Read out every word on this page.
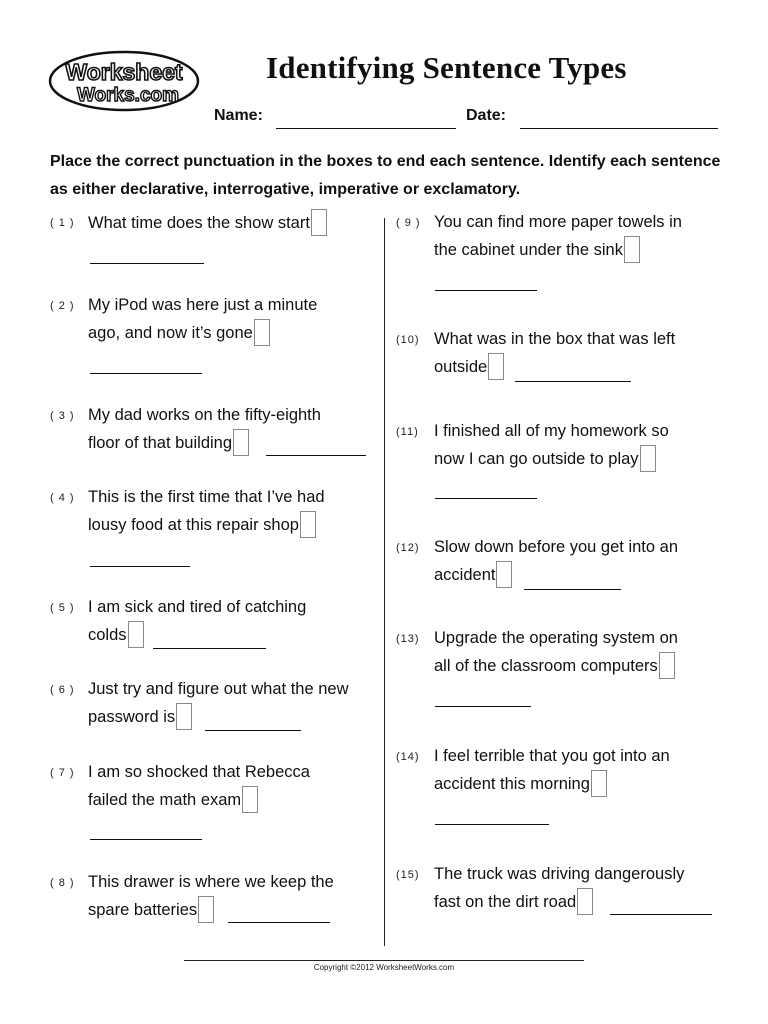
Worksheet
Works.com
Identifying Sentence Types
Name:	Date:
Place the correct punctuation in the boxes to end each sentence. Identify each sentence as either declarative, interrogative, imperative or exclamatory.
( 1 ) What time does the show start
( 2 ) My iPod was here just a minute
ago, and now it’s gone
( 3 ) My dad works on the fifty-eighth
floor of that building
( 4 ) This is the first time that I’ve had
lousy food at this repair shop
( 5 ) I am sick and tired of catching
colds
( 6 ) Just try and figure out what the new
password is
( 7 ) I am so shocked that Rebecca
failed the math exam
( 8 ) This drawer is where we keep the
spare batteries
( 9 ) You can find more paper towels in
the cabinet under the sink
(10) What was in the box that was left
outside
(11) I finished all of my homework so
now I can go outside to play
(12) Slow down before you get into an
accident
(13) Upgrade the operating system on
all of the classroom computers
(14) I feel terrible that you got into an
accident this morning
(15) The truck was driving dangerously
fast on the dirt road
Copyright ©2012 WorksheetWorks.com
